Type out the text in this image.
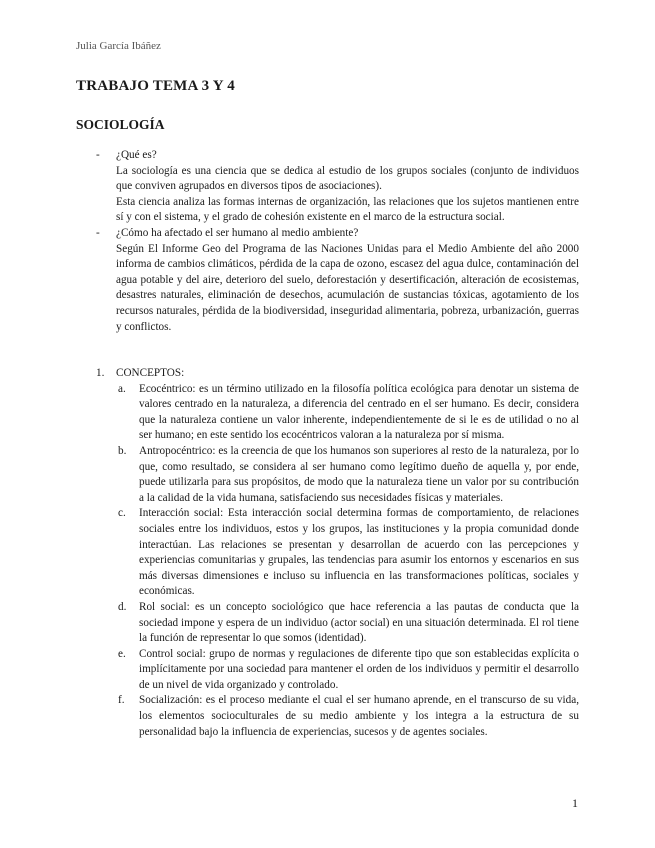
Julia García Ibáñez
TRABAJO TEMA 3 Y 4
SOCIOLOGÍA
- ¿Qué es?

La sociología es una ciencia que se dedica al estudio de los grupos sociales (conjunto de individuos que conviven agrupados en diversos tipos de asociaciones).

Esta ciencia analiza las formas internas de organización, las relaciones que los sujetos mantienen entre sí y con el sistema, y el grado de cohesión existente en el marco de la estructura social.

- ¿Cómo ha afectado el ser humano al medio ambiente?

Según El Informe Geo del Programa de las Naciones Unidas para el Medio Ambiente del año 2000 informa de cambios climáticos, pérdida de la capa de ozono, escasez del agua dulce, contaminación del agua potable y del aire, deterioro del suelo, deforestación y desertificación, alteración de ecosistemas, desastres naturales, eliminación de desechos, acumulación de sustancias tóxicas, agotamiento de los recursos naturales, pérdida de la biodiversidad, inseguridad alimentaria, pobreza, urbanización, guerras y conflictos.

1. CONCEPTOS:
a. Ecocéntrico: es un término utilizado en la filosofía política ecológica para denotar un sistema de valores centrado en la naturaleza, a diferencia del centrado en el ser humano. Es decir, considera que la naturaleza contiene un valor inherente, independientemente de si le es de utilidad o no al ser humano; en este sentido los ecocéntricos valoran a la naturaleza por sí misma.

b. Antropocéntrico: es la creencia de que los humanos son superiores al resto de la naturaleza, por lo que, como resultado, se considera al ser humano como legítimo dueño de aquella y, por ende, puede utilizarla para sus propósitos, de modo que la naturaleza tiene un valor por su contribución a la calidad de la vida humana, satisfaciendo sus necesidades físicas y materiales.

c. Interacción social: Esta interacción social determina formas de comportamiento, de relaciones sociales entre los individuos, estos y los grupos, las instituciones y la propia comunidad donde interactúan. Las relaciones se presentan y desarrollan de acuerdo con las percepciones y experiencias comunitarias y grupales, las tendencias para asumir los entornos y escenarios en sus más diversas dimensiones e incluso su influencia en las transformaciones políticas, sociales y económicas.

d. Rol social: es un concepto sociológico que hace referencia a las pautas de conducta que la sociedad impone y espera de un individuo (actor social) en una situación determinada. El rol tiene la función de representar lo que somos (identidad).

e. Control social: grupo de normas y regulaciones de diferente tipo que son establecidas explícita o implícitamente por una sociedad para mantener el orden de los individuos y permitir el desarrollo de un nivel de vida organizado y controlado.

f.	Socialización: es el proceso mediante el cual el ser humano aprende, en el transcurso de su vida, los elementos socioculturales de su medio ambiente y los integra a la estructura de su personalidad bajo la influencia de experiencias, sucesos y de agentes sociales.

1
